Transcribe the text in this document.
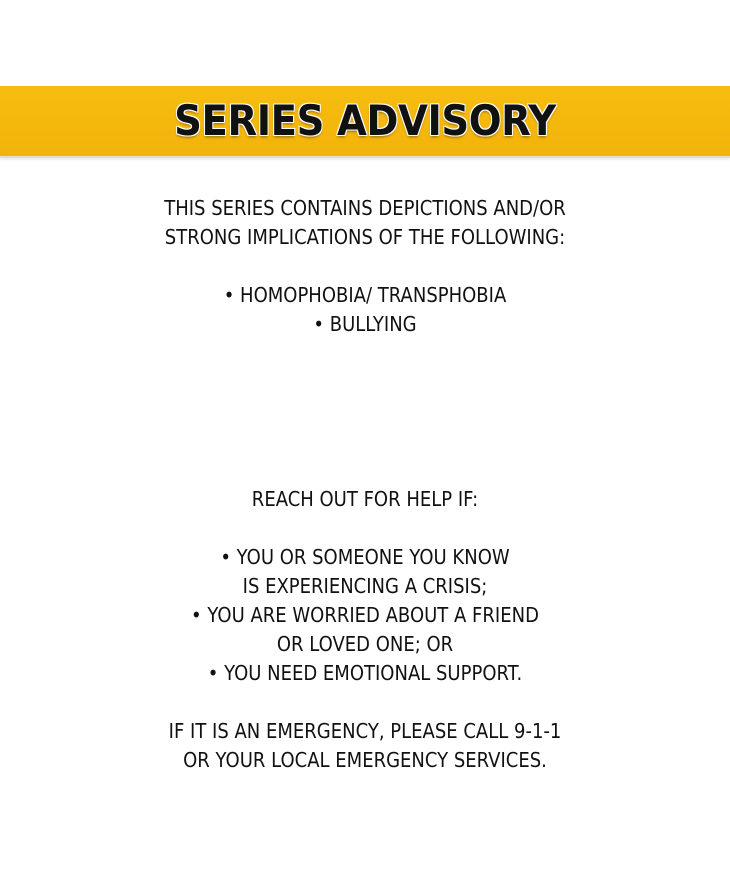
SERIES ADVISORY
THIS SERIES CONTAINS DEPICTIONS AND/OR
STRONG IMPLICATIONS OF THE FOLLOWING:
• HOMOPHOBIA/ TRANSPHOBIA
• BULLYING
REACH OUT FOR HELP IF:
• YOU OR SOMEONE YOU KNOW
IS EXPERIENCING A CRISIS;
• YOU ARE WORRIED ABOUT A FRIEND
OR LOVED ONE; OR
• YOU NEED EMOTIONAL SUPPORT.
IF IT IS AN EMERGENCY, PLEASE CALL 9-1-1
OR YOUR LOCAL EMERGENCY SERVICES.
